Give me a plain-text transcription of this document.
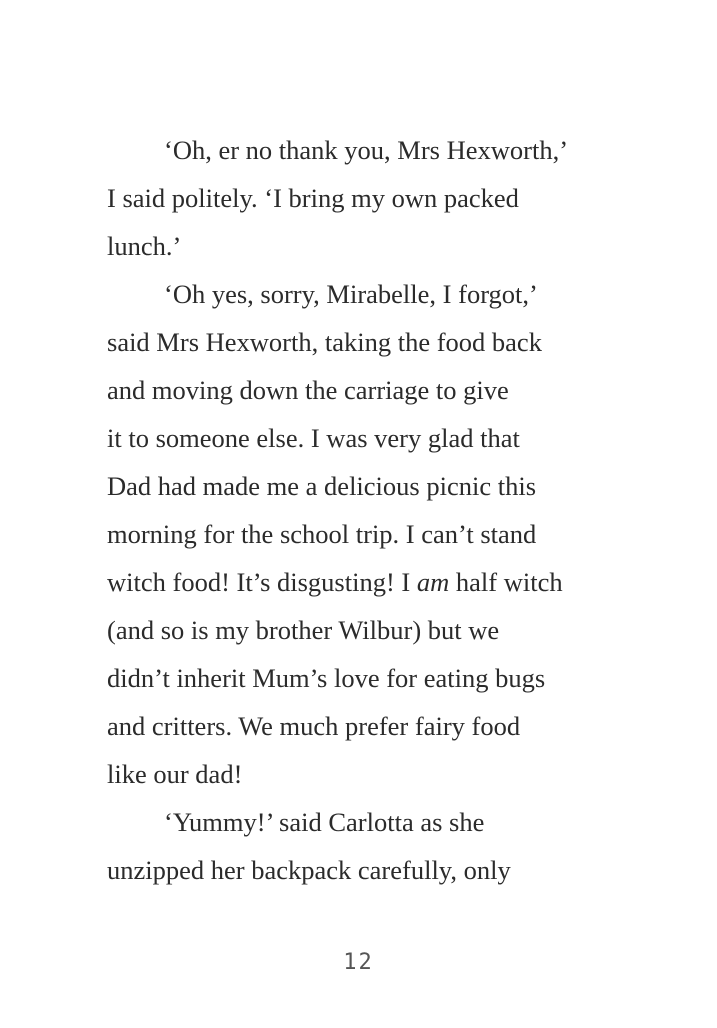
‘Oh, er no thank you, Mrs Hexworth,’
I said politely. ‘I bring my own packed
lunch.’
‘Oh yes, sorry, Mirabelle, I forgot,’
said Mrs Hexworth, taking the food back
and moving down the carriage to give
it to someone else. I was very glad that
Dad had made me a delicious picnic this
morning for the school trip. I can’t stand
witch food! It’s disgusting! I am half witch
(and so is my brother Wilbur) but we
didn’t inherit Mum’s love for eating bugs
and critters. We much prefer fairy food
like our dad!
‘Yummy!’ said Carlotta as she
unzipped her backpack carefully, only
12
